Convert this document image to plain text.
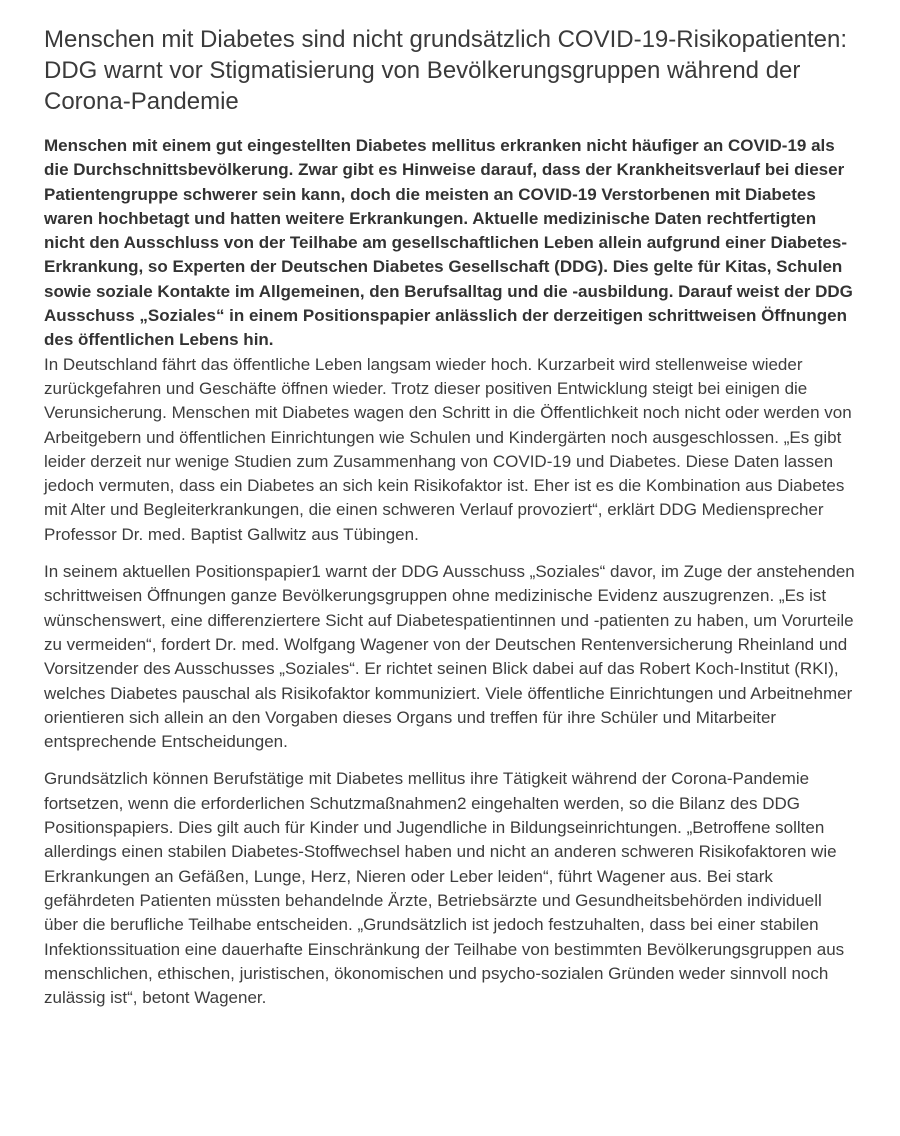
Menschen mit Diabetes sind nicht grundsätzlich COVID-19-Risikopatienten: DDG warnt vor Stigmatisierung von Bevölkerungsgruppen während der Corona-Pandemie

Menschen mit einem gut eingestellten Diabetes mellitus erkranken nicht häufiger an COVID-19 als die Durchschnittsbevölkerung. Zwar gibt es Hinweise darauf, dass der Krankheitsverlauf bei dieser Patientengruppe schwerer sein kann, doch die meisten an COVID-19 Verstorbenen mit Diabetes waren hochbetagt und hatten weitere Erkrankungen. Aktuelle medizinische Daten rechtfertigten nicht den Ausschluss von der Teilhabe am gesellschaftlichen Leben allein aufgrund einer Diabetes-Erkrankung, so Experten der Deutschen Diabetes Gesellschaft (DDG). Dies gelte für Kitas, Schulen sowie soziale Kontakte im Allgemeinen, den Berufsalltag und die -ausbildung. Darauf weist der DDG Ausschuss „Soziales“ in einem Positionspapier anlässlich der derzeitigen schrittweisen Öffnungen des öffentlichen Lebens hin.

In Deutschland fährt das öffentliche Leben langsam wieder hoch. Kurzarbeit wird stellenweise wieder zurückgefahren und Geschäfte öffnen wieder. Trotz dieser positiven Entwicklung steigt bei einigen die Verunsicherung. Menschen mit Diabetes wagen den Schritt in die Öffentlichkeit noch nicht oder werden von Arbeitgebern und öffentlichen Einrichtungen wie Schulen und Kindergärten noch ausgeschlossen. „Es gibt leider derzeit nur wenige Studien zum Zusammenhang von COVID-19 und Diabetes. Diese Daten lassen jedoch vermuten, dass ein Diabetes an sich kein Risikofaktor ist. Eher ist es die Kombination aus Diabetes mit Alter und Begleiterkrankungen, die einen schweren Verlauf provoziert“, erklärt DDG Mediensprecher Professor Dr. med. Baptist Gallwitz aus Tübingen.

In seinem aktuellen Positionspapier1 warnt der DDG Ausschuss „Soziales“ davor, im Zuge der anstehenden schrittweisen Öffnungen ganze Bevölkerungsgruppen ohne medizinische Evidenz auszugrenzen. „Es ist wünschenswert, eine differenziertere Sicht auf Diabetespatientinnen und -patienten zu haben, um Vorurteile zu vermeiden“, fordert Dr. med. Wolfgang Wagener von der Deutschen Rentenversicherung Rheinland und Vorsitzender des Ausschusses „Soziales“. Er richtet seinen Blick dabei auf das Robert Koch-Institut (RKI), welches Diabetes pauschal als Risikofaktor kommuniziert. Viele öffentliche Einrichtungen und Arbeitnehmer orientieren sich allein an den Vorgaben dieses Organs und treffen für ihre Schüler und Mitarbeiter entsprechende Entscheidungen.

Grundsätzlich können Berufstätige mit Diabetes mellitus ihre Tätigkeit während der Corona-Pandemie fortsetzen, wenn die erforderlichen Schutzmaßnahmen2 eingehalten werden, so die Bilanz des DDG Positionspapiers. Dies gilt auch für Kinder und Jugendliche in Bildungseinrichtungen. „Betroffene sollten allerdings einen stabilen Diabetes-Stoffwechsel haben und nicht an anderen schweren Risikofaktoren wie Erkrankungen an Gefäßen, Lunge, Herz, Nieren oder Leber leiden“, führt Wagener aus. Bei stark gefährdeten Patienten müssten behandelnde Ärzte, Betriebsärzte und Gesundheitsbehörden individuell über die berufliche Teilhabe entscheiden. „Grundsätzlich ist jedoch festzuhalten, dass bei einer stabilen Infektionssituation eine dauerhafte Einschränkung der Teilhabe von bestimmten Bevölkerungsgruppen aus menschlichen, ethischen, juristischen, ökonomischen und psycho-sozialen Gründen weder sinnvoll noch zulässig ist“, betont Wagener.
